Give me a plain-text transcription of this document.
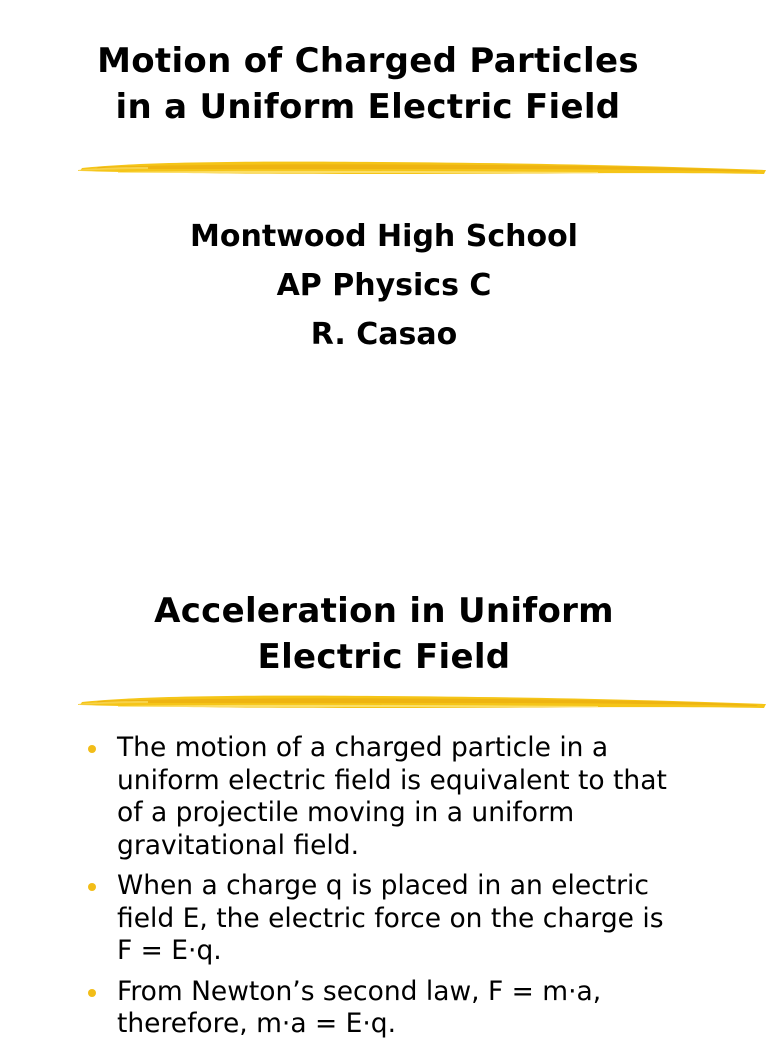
Motion of Charged Particles
in a Uniform Electric Field
Montwood High School
AP Physics C
R. Casao
Acceleration in Uniform
Electric Field
The motion of a charged particle in a uniform electric field is equivalent to that of a projectile moving in a uniform gravitational field.
When a charge q is placed in an electric field E, the electric force on the charge is F = E·q.
From Newton’s second law, F = m·a, therefore, m·a = E·q.
